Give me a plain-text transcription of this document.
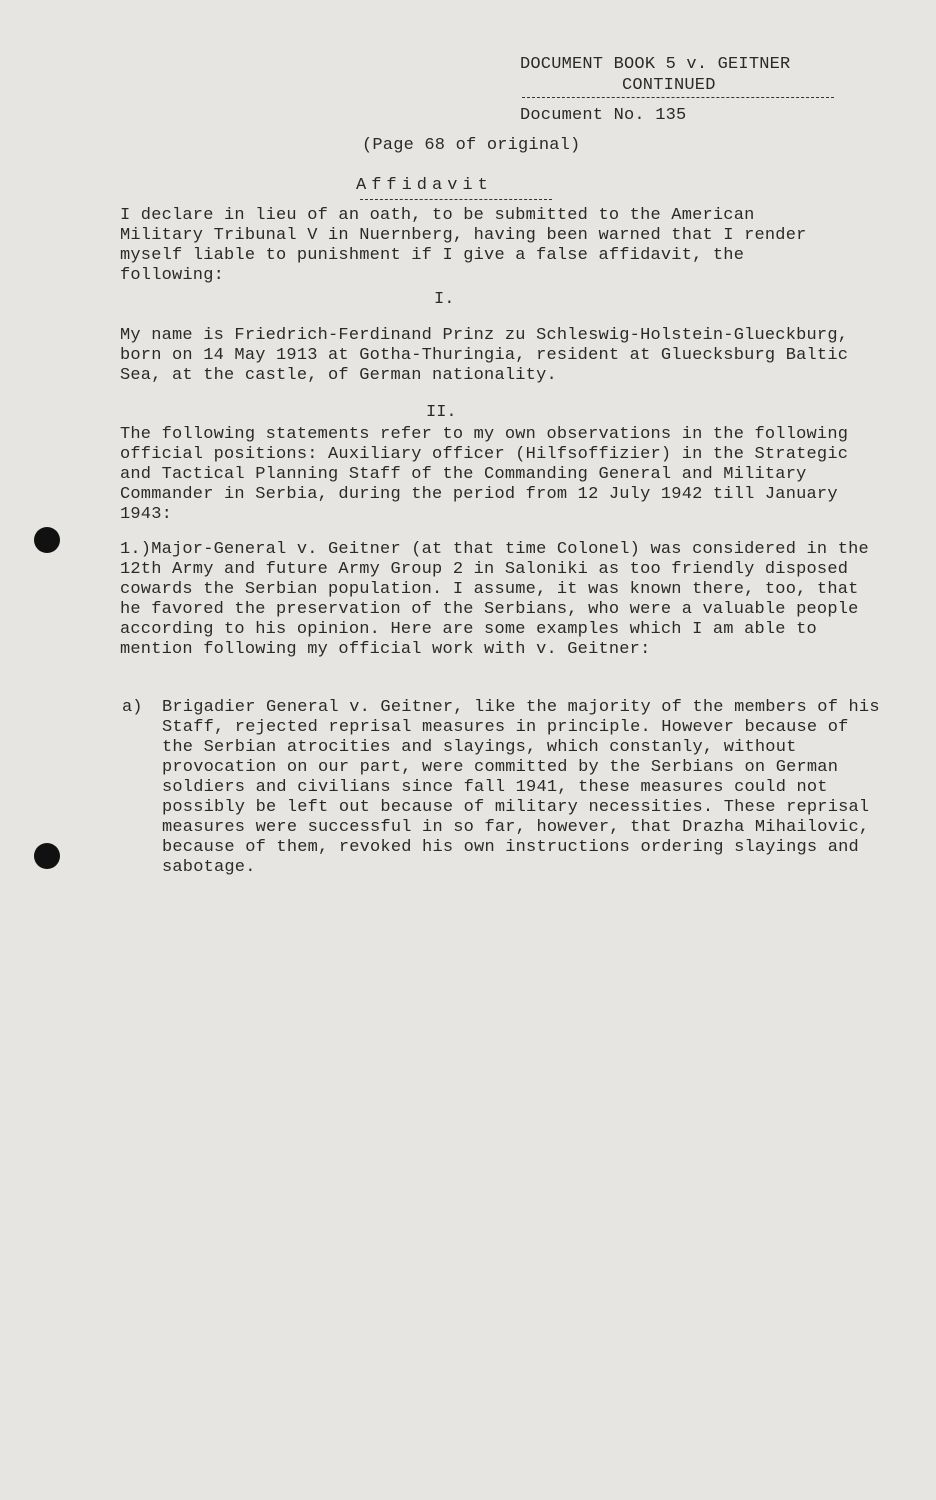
DOCUMENT BOOK 5 v. GEITNER

CONTINUED

Document No. 135

(Page 68 of original)

Affidavit

I declare in lieu of an oath, to be submitted to the American Military Tribunal V in Nuernberg, having been warned that I render myself liable to punishment if I give a false affidavit, the following:

I.

My name is Friedrich-Ferdinand Prinz zu Schleswig-Holstein-Glueckburg, born on 14 May 1913 at Gotha-Thuringia, resident at Gluecksburg Baltic Sea, at the castle, of German nationality.

II.

The following statements refer to my own observations in the following official positions: Auxiliary officer (Hilfsoffizier) in the Strategic and Tactical Planning Staff of the Commanding General and Military Commander in Serbia, during the period from 12 July 1942 till January 1943:

1.)Major-General v. Geitner (at that time Colonel) was considered in the 12th Army and future Army Group 2 in Saloniki as too friendly disposed cowards the Serbian population. I assume, it was known there, too, that he favored the preservation of the Serbians, who were a valuable people according to his opinion. Here are some examples which I am able to mention following my official work with v. Geitner:

a) Brigadier General v. Geitner, like the majority of the members of his Staff, rejected reprisal measures in principle. However because of the Serbian atrocities and slayings, which constanly, without provocation on our part, were committed by the Serbians on German soldiers and civilians since fall 1941, these measures could not possibly be left out because of military necessities. These reprisal measures were successful in so far, however, that Drazha Mihailovic, because of them, revoked his own instructions ordering slayings and sabotage.
